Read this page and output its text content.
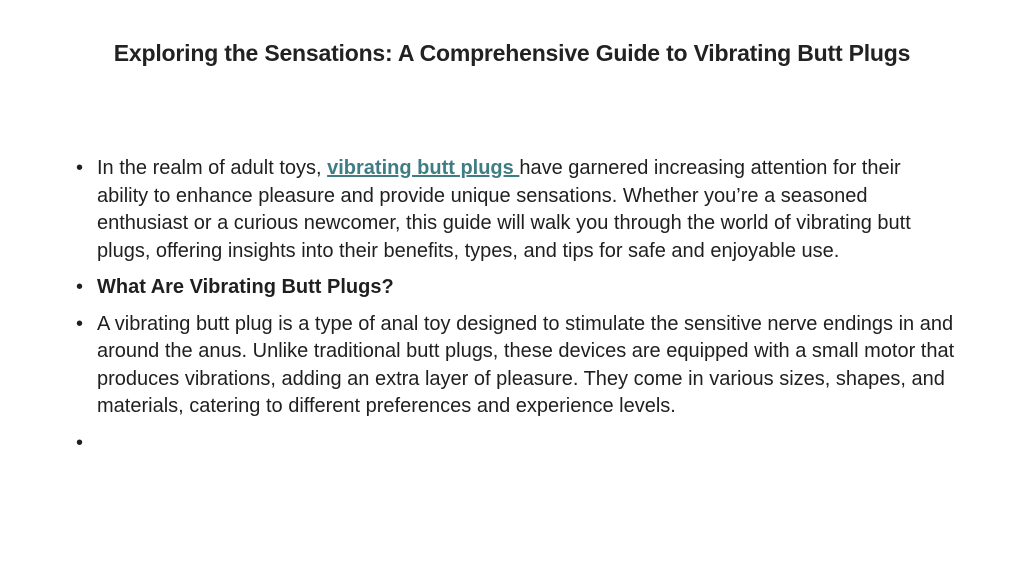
Exploring the Sensations: A Comprehensive Guide to Vibrating Butt Plugs
• In the realm of adult toys, vibrating butt plugs have garnered increasing attention for their ability to enhance pleasure and provide unique sensations. Whether you’re a seasoned enthusiast or a curious newcomer, this guide will walk you through the world of vibrating butt plugs, offering insights into their benefits, types, and tips for safe and enjoyable use.
• What Are Vibrating Butt Plugs?
• A vibrating butt plug is a type of anal toy designed to stimulate the sensitive nerve endings in and around the anus. Unlike traditional butt plugs, these devices are equipped with a small motor that produces vibrations, adding an extra layer of pleasure. They come in various sizes, shapes, and materials, catering to different preferences and experience levels.
•
